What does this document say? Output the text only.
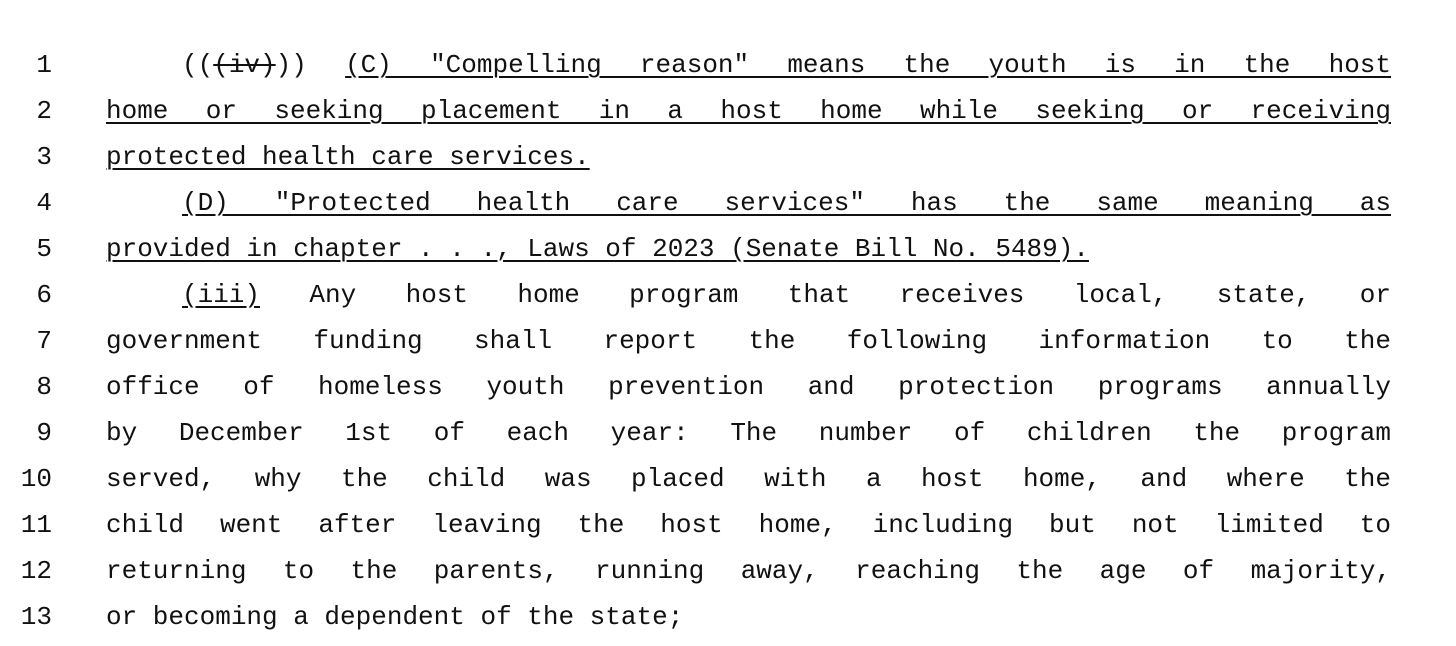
1	(((iv))) (C) "Compelling reason" means the youth is in the host
2 home or seeking placement in a host home while seeking or receiving
3 protected health care services.
4	(D) "Protected health care services" has the same meaning as
5 provided in chapter . . ., Laws of 2023 (Senate Bill No. 5489).
6	(iii) Any host home program that receives local, state, or
7 government funding shall report the following information to the
8 office of homeless youth prevention and protection programs annually
9 by December 1st of each year: The number of children the program
10 served, why the child was placed with a host home, and where the
11 child went after leaving the host home, including but not limited to
12 returning to the parents, running away, reaching the age of majority,
13 or becoming a dependent of the state;
